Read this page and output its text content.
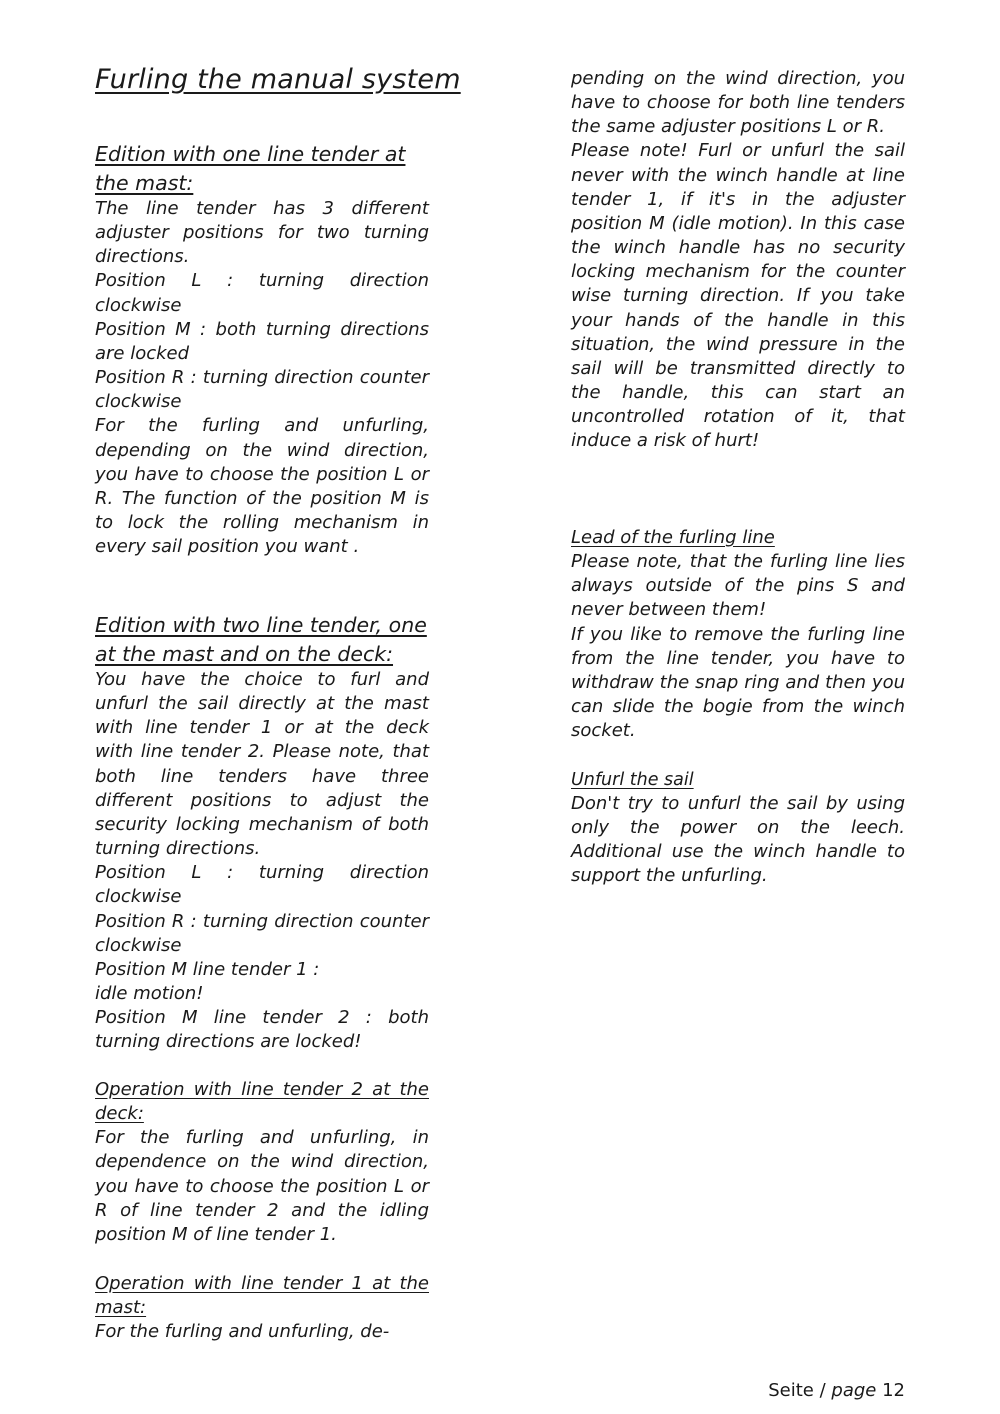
Furling the manual system
Edition with one line tender at the mast:
The line tender has 3 different adjuster positions for two turning directions.
Position L : turning direction clockwise
Position M : both turning directions are locked
Position R : turning direction counter clockwise
For the furling and unfurling, depending on the wind direction, you have to choose the position L or R. The function of the position M is to lock the rolling mechanism in every sail position you want .
Edition with two line tender, one at the mast and on the deck:
You have the choice to furl and unfurl the sail directly at the mast with line tender 1 or at the deck with line tender 2. Please note, that both line tenders have three different positions to adjust the security locking mechanism of both turning directions.
Position L : turning direction clockwise
Position R : turning direction counter clockwise
Position M line tender 1 :
idle motion!
Position M line tender 2 : both turning directions are locked!
Operation with line tender 2 at the deck:
For the furling and unfurling, in dependence on the wind direction, you have to choose the position L or R of line tender 2 and the idling position M of line tender 1.
Operation with line tender 1 at the mast:
For the furling and unfurling, de-
pending on the wind direction, you have to choose for both line tenders the same adjuster positions L or R.
Please note! Furl or unfurl the sail never with the winch handle at line tender 1, if it's in the adjuster position M (idle motion). In this case the winch handle has no security locking mechanism for the counter wise turning direction. If you take your hands of the handle in this situation, the wind pressure in the sail will be transmitted directly to the handle, this can start an uncontrolled rotation of it, that induce a risk of hurt!
Lead of the furling line
Please note, that the furling line lies always outside of the pins S and never between them!
If you like to remove the furling line from the line tender, you have to withdraw the snap ring and then you can slide the bogie from the winch socket.
Unfurl the sail
Don't try to unfurl the sail by using only the power on the leech. Additional use the winch handle to support the unfurling.
Seite / page 12
